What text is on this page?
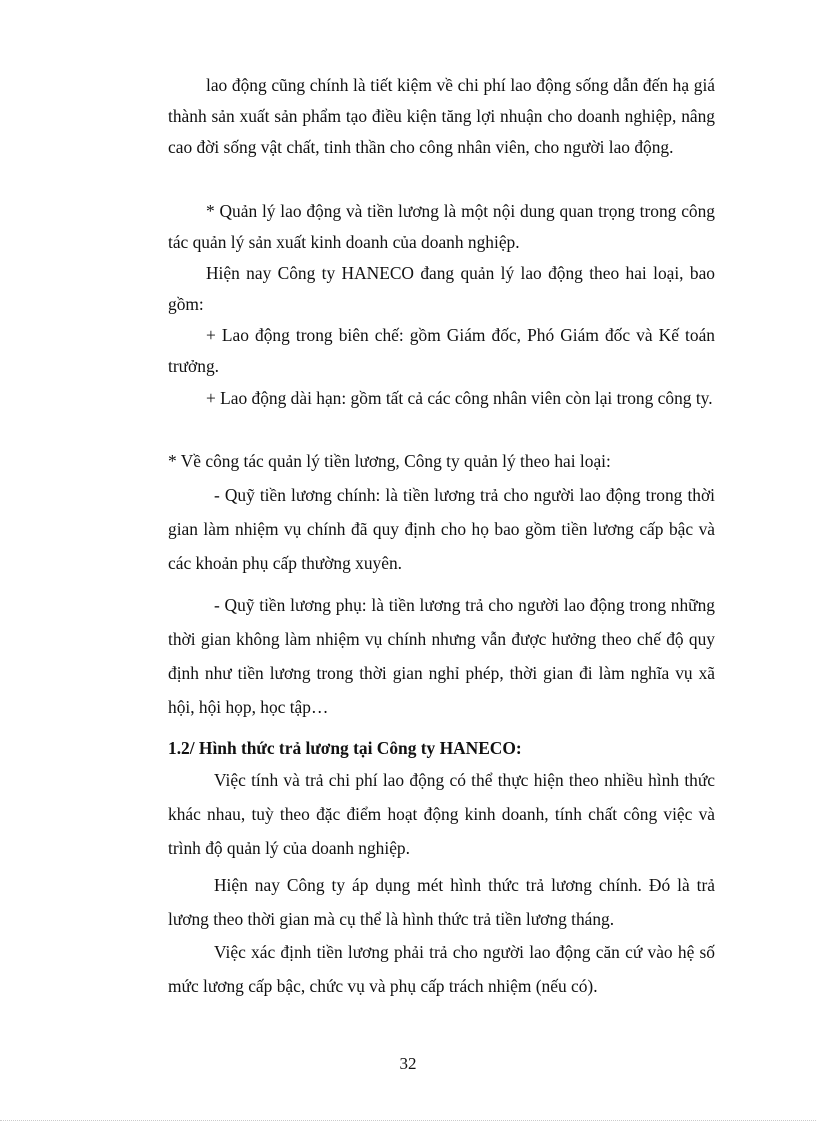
lao động cũng chính là tiết kiệm về chi phí lao động sống dẫn đến hạ giá thành sản xuất sản phẩm tạo điều kiện tăng lợi nhuận cho doanh nghiệp, nâng cao đời sống vật chất, tinh thần cho công nhân viên, cho người lao động.

* Quản lý lao động và tiền lương là một nội dung quan trọng trong công tác quản lý sản xuất kinh doanh của doanh nghiệp.

Hiện nay Công ty HANECO đang quản lý lao động theo hai loại, bao gồm:

+ Lao động trong biên chế: gồm Giám đốc, Phó Giám đốc và Kế toán trưởng.

+ Lao động dài hạn: gồm tất cả các công nhân viên còn lại trong công ty.

* Về công tác quản lý tiền lương, Công ty quản lý theo hai loại:

- Quỹ tiền lương chính: là tiền lương trả cho người lao động trong thời gian làm nhiệm vụ chính đã quy định cho họ bao gồm tiền lương cấp bậc và các khoản phụ cấp thường xuyên.

- Quỹ tiền lương phụ: là tiền lương trả cho người lao động trong những thời gian không làm nhiệm vụ chính nhưng vẫn được hưởng theo chế độ quy định như tiền lương trong thời gian nghỉ phép, thời gian đi làm nghĩa vụ xã hội, hội họp, học tập…

1.2/ Hình thức trả lương tại Công ty HANECO:

Việc tính và trả chi phí lao động có thể thực hiện theo nhiều hình thức khác nhau, tuỳ theo đặc điểm hoạt động kinh doanh, tính chất công việc và trình độ quản lý của doanh nghiệp.

Hiện nay Công ty áp dụng mét hình thức trả lương chính. Đó là trả lương theo thời gian mà cụ thể là hình thức trả tiền lương tháng.

Việc xác định tiền lương phải trả cho người lao động căn cứ vào hệ số mức lương cấp bậc, chức vụ và phụ cấp trách nhiệm (nếu có).

32
